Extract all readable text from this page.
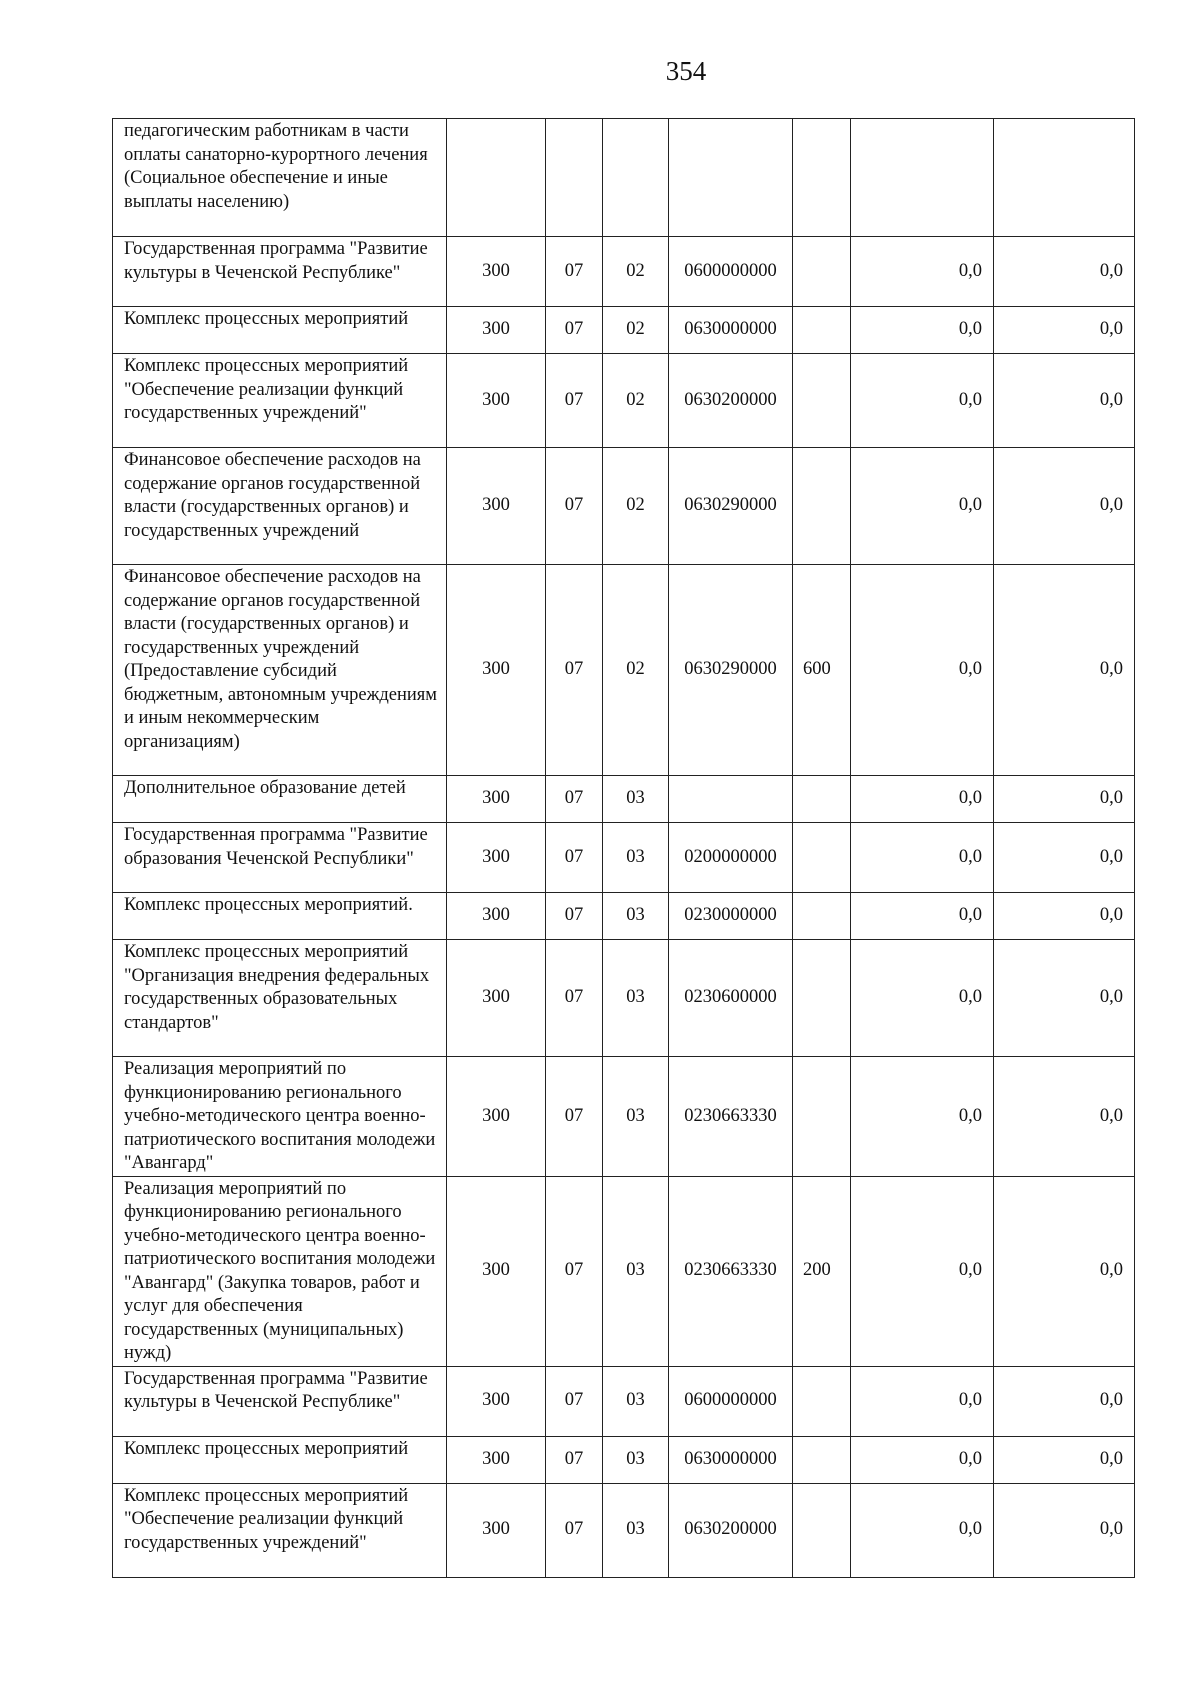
354
педагогическим работникам в части оплаты санаторно-курортного лечения (Социальное обеспечение и иные выплаты населению)							
Государственная программа "Развитие культуры в Чеченской Республике"	300	07	02	0600000000		0,0	0,0
Комплекс процессных мероприятий	300	07	02	0630000000		0,0	0,0
Комплекс процессных мероприятий "Обеспечение реализации функций государственных учреждений"	300	07	02	0630200000		0,0	0,0
Финансовое обеспечение расходов на содержание органов государственной власти (государственных органов) и государственных учреждений	300	07	02	0630290000		0,0	0,0
Финансовое обеспечение расходов на содержание органов государственной власти (государственных органов) и государственных учреждений (Предоставление субсидий бюджетным, автономным учреждениям и иным некоммерческим организациям)	300	07	02	0630290000	600	0,0	0,0
Дополнительное образование детей	300	07	03			0,0	0,0
Государственная программа "Развитие образования Чеченской Республики"	300	07	03	0200000000		0,0	0,0
Комплекс процессных мероприятий.	300	07	03	0230000000		0,0	0,0
Комплекс процессных мероприятий "Организация внедрения федеральных государственных образовательных стандартов"	300	07	03	0230600000		0,0	0,0
Реализация мероприятий по функционированию регионального учебно-методического центра военно-патриотического воспитания молодежи "Авангард"	300	07	03	0230663330		0,0	0,0
Реализация мероприятий по функционированию регионального учебно-методического центра военно-патриотического воспитания молодежи "Авангард" (Закупка товаров, работ и услуг для обеспечения государственных (муниципальных) нужд)	300	07	03	0230663330	200	0,0	0,0
Государственная программа "Развитие культуры в Чеченской Республике"	300	07	03	0600000000		0,0	0,0
Комплекс процессных мероприятий	300	07	03	0630000000		0,0	0,0
Комплекс процессных мероприятий "Обеспечение реализации функций государственных учреждений"	300	07	03	0630200000		0,0	0,0
